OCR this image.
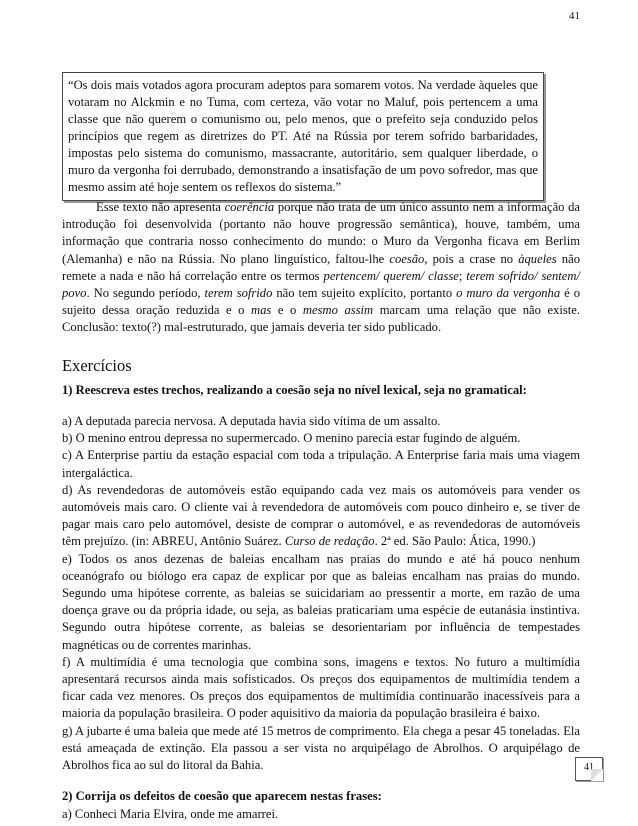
41
“Os dois mais votados agora procuram adeptos para somarem votos. Na verdade àqueles que votaram no Alckmin e no Tuma, com certeza, vão votar no Maluf, pois pertencem a uma classe que não querem o comunismo ou, pelo menos, que o prefeito seja conduzido pelos princípios que regem as diretrizes do PT. Até na Rússia por terem sofrido barbaridades, impostas pelo sistema do comunismo, massacrante, autoritário, sem qualquer liberdade, o muro da vergonha foi derrubado, demonstrando a insatisfação de um povo sofredor, mas que mesmo assim até hoje sentem os reflexos do sistema.”

Esse texto não apresenta coerência porque não trata de um único assunto nem a informação da introdução foi desenvolvida (portanto não houve progressão semântica), houve, também, uma informação que contraria nosso conhecimento do mundo: o Muro da Vergonha ficava em Berlim (Alemanha) e não na Rússia. No plano linguístico, faltou-lhe coesão, pois a crase no àqueles não remete a nada e não há correlação entre os termos pertencem/ querem/ classe; terem sofrido/ sentem/ povo. No segundo período, terem sofrido não tem sujeito explícito, portanto o muro da vergonha é o sujeito dessa oração reduzida e o mas e o mesmo assim marcam uma relação que não existe. Conclusão: texto(?) mal-estruturado, que jamais deveria ter sido publicado.

Exercícios

1) Reescreva estes trechos, realizando a coesão seja no nível lexical, seja no gramatical:

a) A deputada parecia nervosa. A deputada havia sido vítima de um assalto.

b) O menino entrou depressa no supermercado. O menino parecia estar fugindo de alguém.

c) A Enterprise partiu da estação espacial com toda a tripulação. A Enterprise faria mais uma viagem intergaláctica.

d) As revendedoras de automóveis estão equipando cada vez mais os automóveis para vender os automóveis mais caro. O cliente vai à revendedora de automóveis com pouco dinheiro e, se tiver de pagar mais caro pelo automóvel, desiste de comprar o automóvel, e as revendedoras de automóveis têm prejuízo. (in: ABREU, Antônio Suárez. Curso de redação. 2ª ed. São Paulo: Ática, 1990.)

e) Todos os anos dezenas de baleias encalham nas praias do mundo e até há pouco nenhum oceanógrafo ou biólogo era capaz de explicar por que as baleias encalham nas praias do mundo. Segundo uma hipótese corrente, as baleias se suicidariam ao pressentir a morte, em razão de uma doença grave ou da própria idade, ou seja, as baleias praticariam uma espécie de eutanásia instintiva. Segundo outra hipótese corrente, as baleias se desorientariam por influência de tempestades magnéticas ou de correntes marinhas.

f) A multimídia é uma tecnologia que combina sons, imagens e textos. No futuro a multimídia apresentará recursos ainda mais sofisticados. Os preços dos equipamentos de multimídia tendem a ficar cada vez menores. Os preços dos equipamentos de multimídia continuarão inacessíveis para a maioria da população brasileira. O poder aquisitivo da maioria da população brasileira é baixo.

g) A jubarte é uma baleia que mede até 15 metros de comprimento. Ela chega a pesar 45 toneladas. Ela está ameaçada de extinção. Ela passou a ser vista no arquipélago de Abrolhos. O arquipélago de Abrolhos fica ao sul do litoral da Bahia.

2) Corrija os defeitos de coesão que aparecem nestas frases:

a) Conheci Maria Elvira, onde me amarrei.

41
